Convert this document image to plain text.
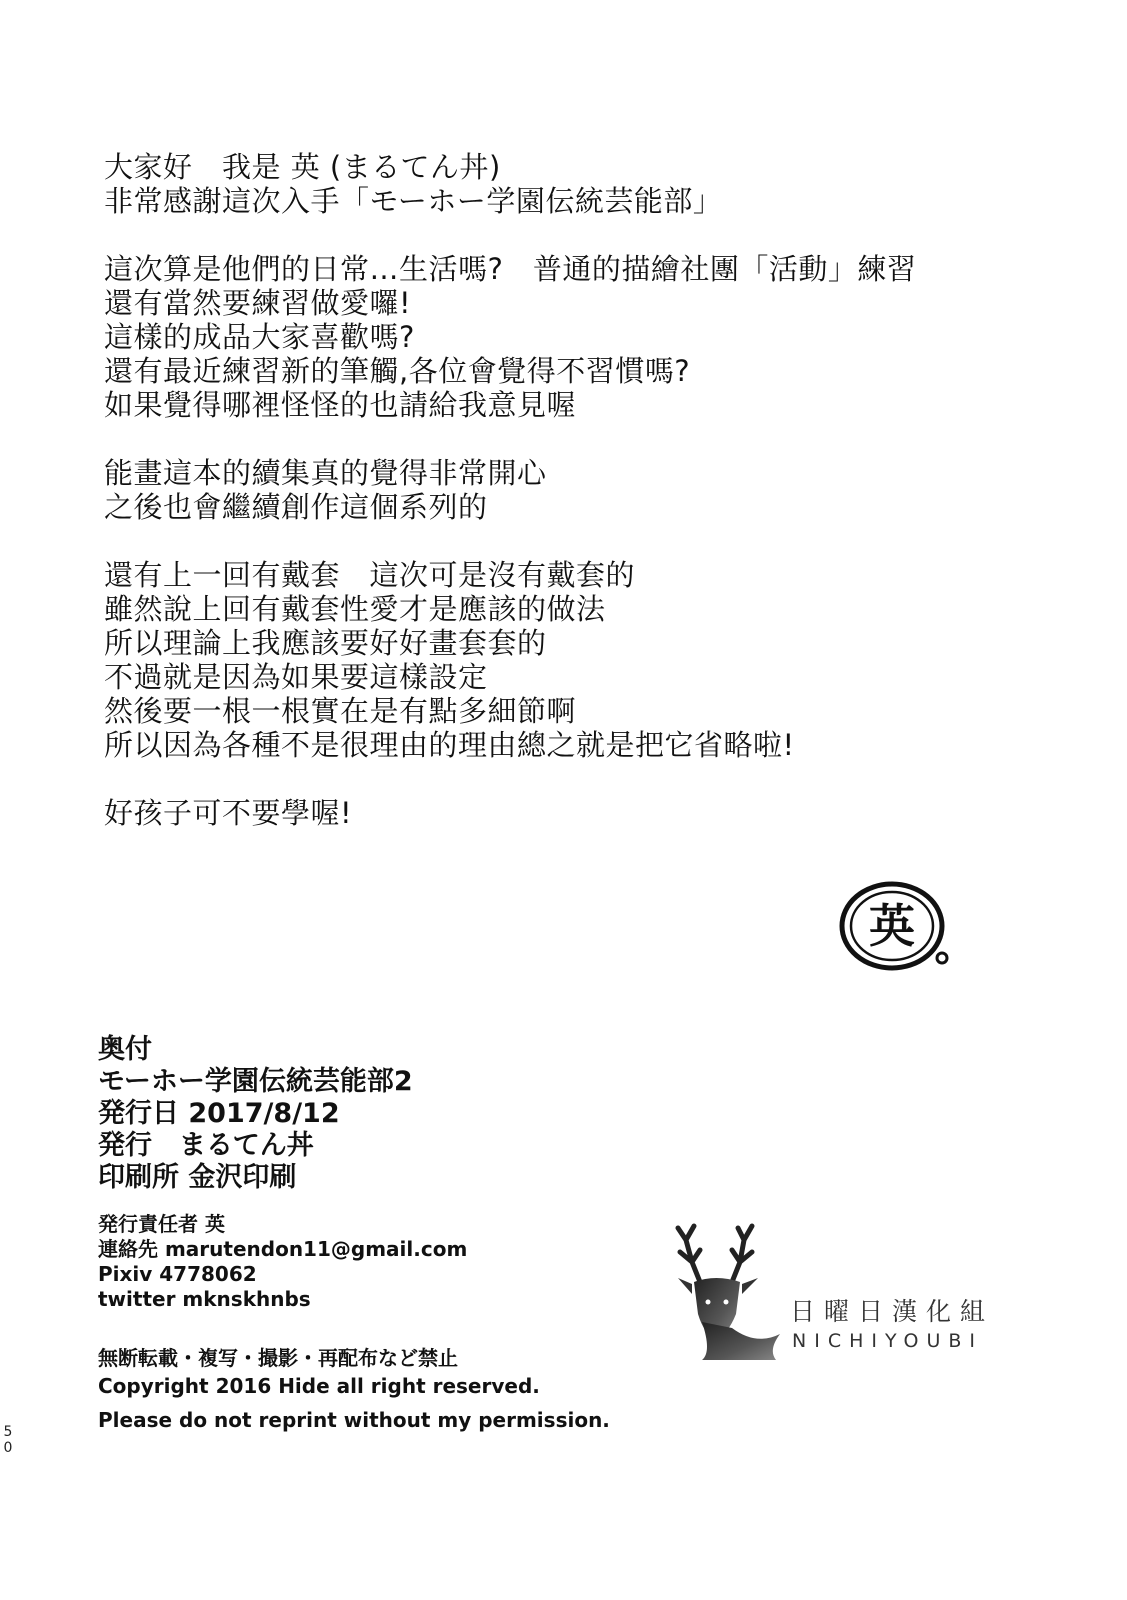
大家好　我是 英 (まるてん丼)
非常感謝這次入手「モーホー学園伝統芸能部」
這次算是他們的日常…生活嗎?　普通的描繪社團「活動」練習
還有當然要練習做愛囉!
這樣的成品大家喜歡嗎?
還有最近練習新的筆觸,各位會覺得不習慣嗎?
如果覺得哪裡怪怪的也請給我意見喔
能畫這本的續集真的覺得非常開心
之後也會繼續創作這個系列的
還有上一回有戴套　這次可是沒有戴套的
雖然說上回有戴套性愛才是應該的做法
所以理論上我應該要好好畫套套的
不過就是因為如果要這樣設定
然後要一根一根實在是有點多細節啊
所以因為各種不是很理由的理由總之就是把它省略啦!
好孩子可不要學喔!
英
奥付
モーホー学園伝統芸能部2
発行日 2017/8/12
発行　まるてん丼
印刷所 金沢印刷
発行責任者 英
連絡先 marutendon11@gmail.com
Pixiv 4778062
twitter mknskhnbs
無断転載・複写・撮影・再配布など禁止
Copyright 2016 Hide all right reserved.
Please do not reprint without my permission.
日曜日漢化組
NICHIYOUBI
5
0
